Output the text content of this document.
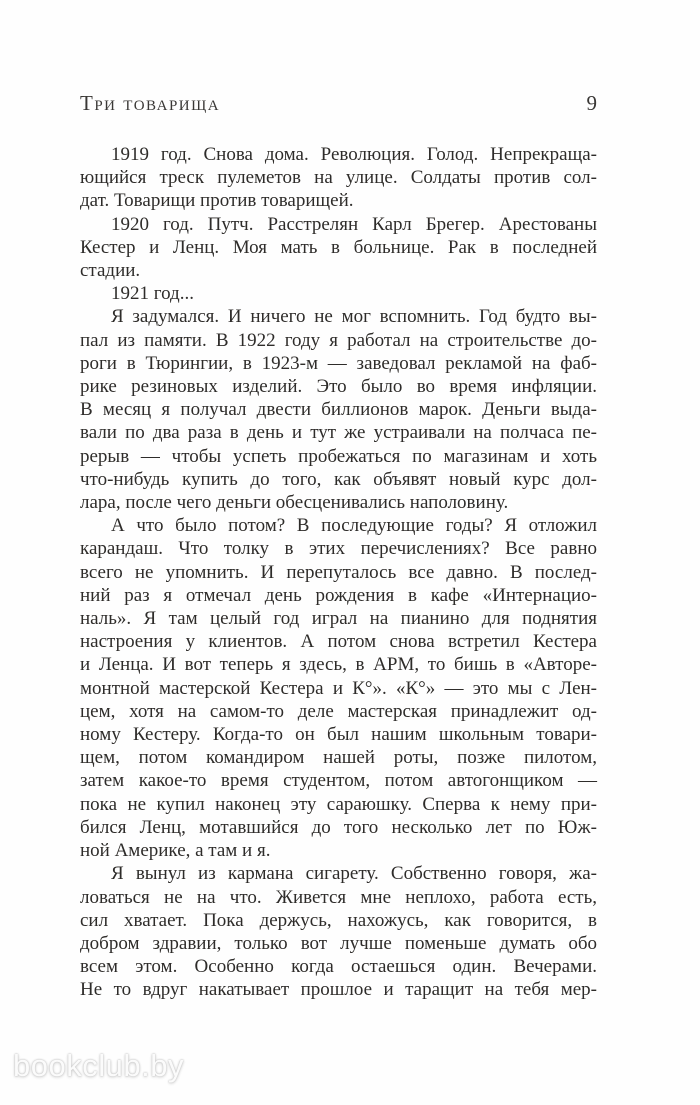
Три товарища	9
1919 год. Снова дома. Революция. Голод. Непрекраща-
ющийся треск пулеметов на улице. Солдаты против сол-
дат. Товарищи против товарищей.
1920 год. Путч. Расстрелян Карл Брегер. Арестованы
Кестер и Ленц. Моя мать в больнице. Рак в последней
стадии.
1921 год...
Я задумался. И ничего не мог вспомнить. Год будто вы-
пал из памяти. В 1922 году я работал на строительстве до-
роги в Тюрингии, в 1923-м — заведовал рекламой на фаб-
рике резиновых изделий. Это было во время инфляции.
В месяц я получал двести биллионов марок. Деньги выда-
вали по два раза в день и тут же устраивали на полчаса пе-
рерыв — чтобы успеть пробежаться по магазинам и хоть
что-нибудь купить до того, как объявят новый курс дол-
лара, после чего деньги обесценивались наполовину.
А что было потом? В последующие годы? Я отложил
карандаш. Что толку в этих перечислениях? Все равно
всего не упомнить. И перепуталось все давно. В послед-
ний раз я отмечал день рождения в кафе «Интернацио-
наль». Я там целый год играл на пианино для поднятия
настроения у клиентов. А потом снова встретил Кестера
и Ленца. И вот теперь я здесь, в АРМ, то бишь в «Авторе-
монтной мастерской Кестера и К°». «К°» — это мы с Лен-
цем, хотя на самом-то деле мастерская принадлежит од-
ному Кестеру. Когда-то он был нашим школьным товари-
щем, потом командиром нашей роты, позже пилотом,
затем какое-то время студентом, потом автогонщиком —
пока не купил наконец эту сараюшку. Сперва к нему при-
бился Ленц, мотавшийся до того несколько лет по Юж-
ной Америке, а там и я.
Я вынул из кармана сигарету. Собственно говоря, жа-
ловаться не на что. Живется мне неплохо, работа есть,
сил хватает. Пока держусь, нахожусь, как говорится, в
добром здравии, только вот лучше поменьше думать обо
всем этом. Особенно когда остаешься один. Вечерами.
Не то вдруг накатывает прошлое и таращит на тебя мер-
bookclub.by
